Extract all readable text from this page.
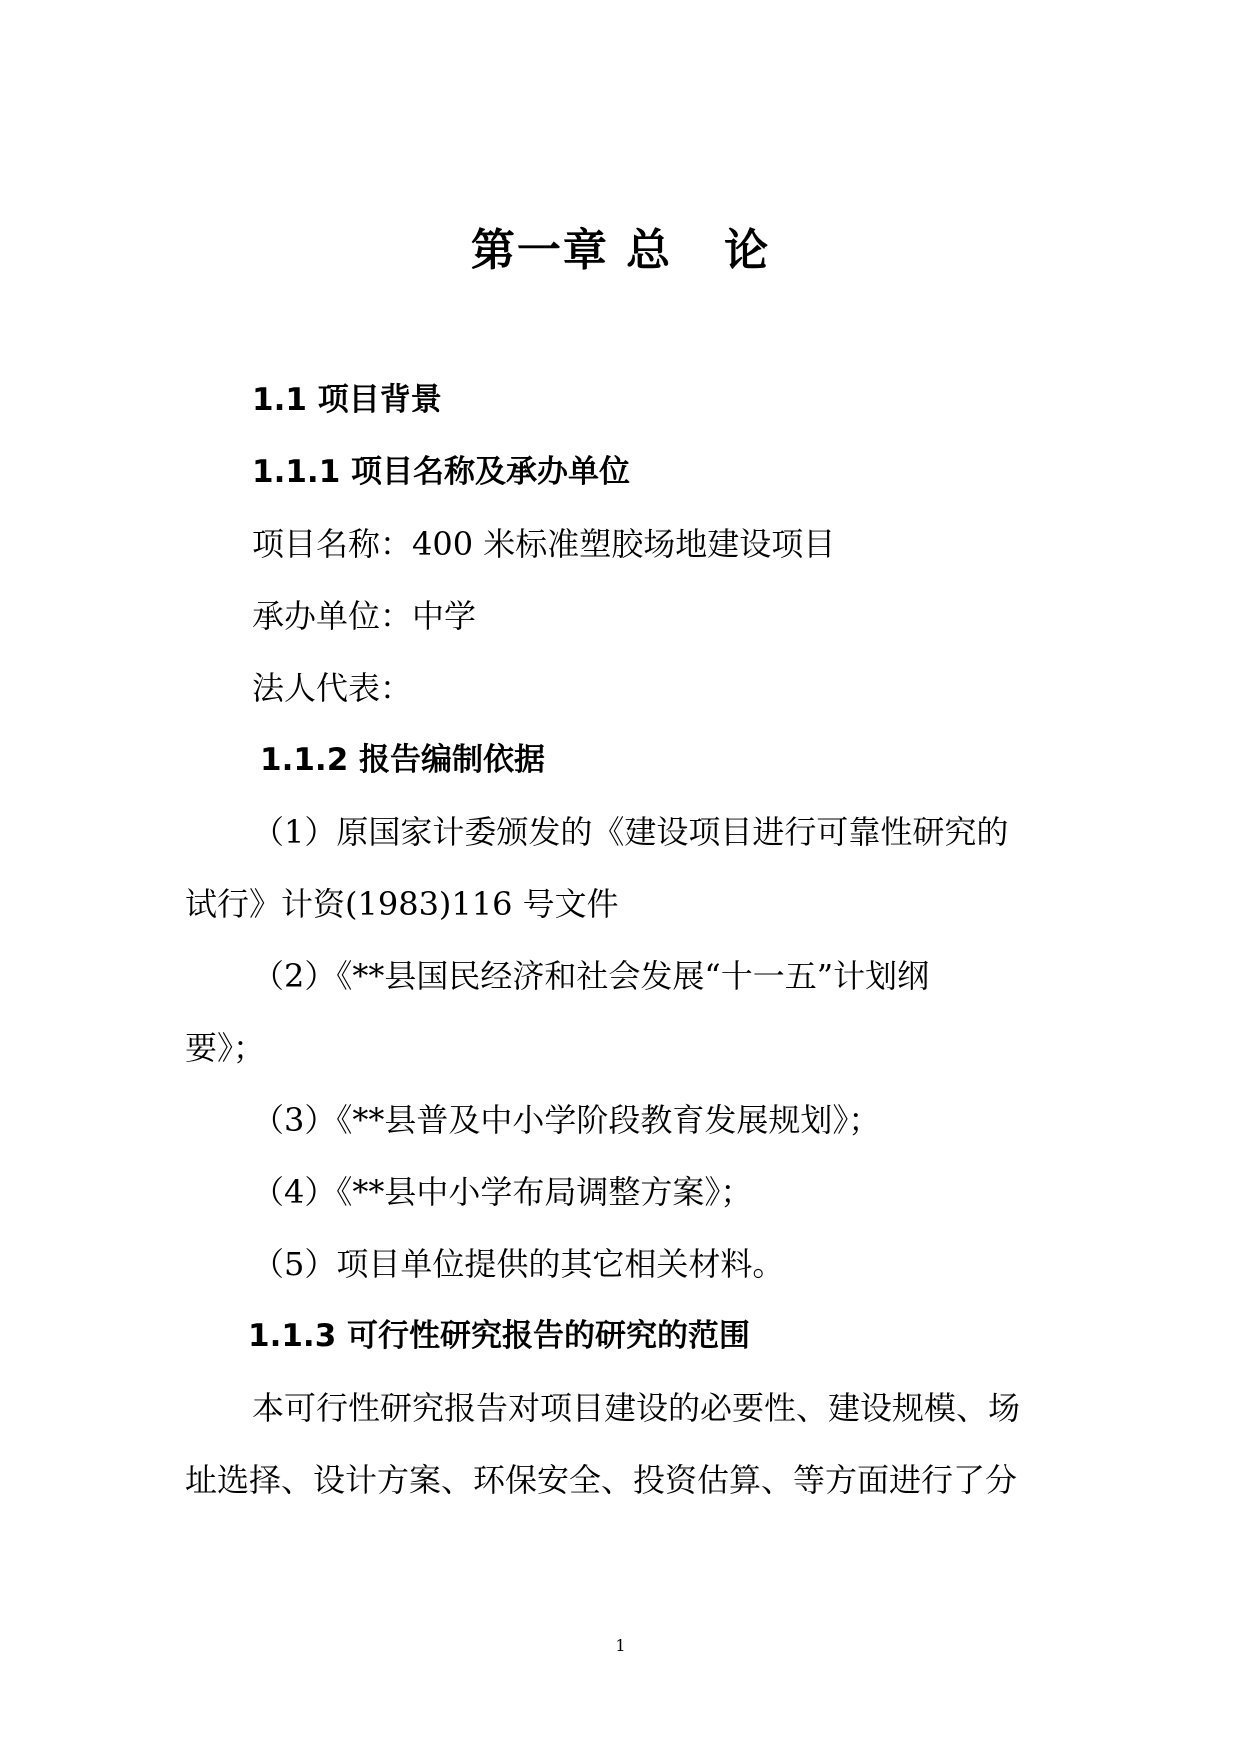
第一章 总   论
1.1 项目背景
1.1.1 项目名称及承办单位
项目名称：400 米标准塑胶场地建设项目
承办单位：中学
法人代表：
1.1.2 报告编制依据
（1）原国家计委颁发的《建设项目进行可靠性研究的
试行》计资(1983)116 号文件
（2）《**县国民经济和社会发展“十一五”计划纲
要》；
（3）《**县普及中小学阶段教育发展规划》；
（4）《**县中小学布局调整方案》；
（5）项目单位提供的其它相关材料。
1.1.3 可行性研究报告的研究的范围
本可行性研究报告对项目建设的必要性、建设规模、场
址选择、设计方案、环保安全、投资估算、等方面进行了分
1
